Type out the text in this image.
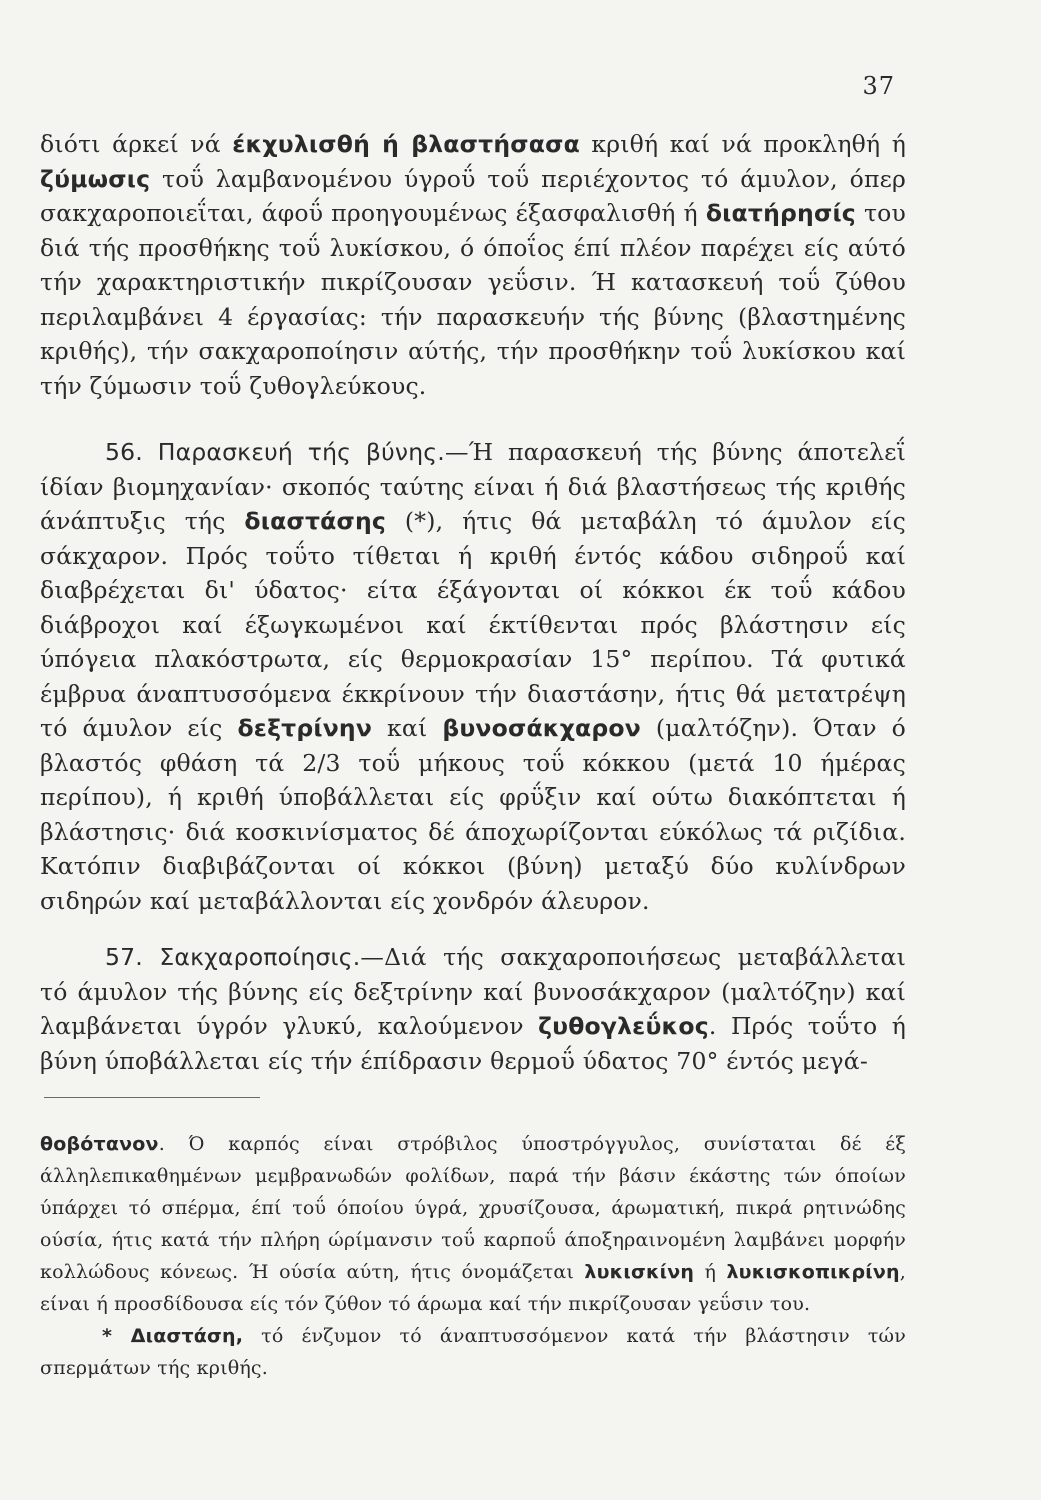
37

διότι άρκεί νά έκχυλισθή ή βλαστήσασα κριθή καί νά προκληθή ή ζύμωσις τοΰ λαμβανομένου ύγροΰ τοΰ περιέχοντος τό άμυλον, όπερ σακχαροποιεΐται, άφοΰ προηγουμένως έξασφαλισθή ή διατήρησίς του διά τής προσθήκης τοΰ λυκίσκου, ό όποΐος έπί πλέον παρέχει είς αύτό τήν χαρακτηριστικήν πικρίζουσαν γεΰσιν. Ή κατασκευή τοΰ ζύθου περιλαμβάνει 4 έργασίας: τήν παρασκευήν τής βύνης (βλαστημένης κριθής), τήν σακχαροποίησιν αύτής, τήν προσθήκην τοΰ λυκίσκου καί τήν ζύμωσιν τοΰ ζυθογλεύκους.

56. Παρασκευή τής βύνης.—Ή παρασκευή τής βύνης άποτελεΐ ίδίαν βιομηχανίαν· σκοπός ταύτης είναι ή διά βλαστήσεως τής κριθής άνάπτυξις τής διαστάσης (*), ήτις θά μεταβάλη τό άμυλον είς σάκχαρον. Πρός τοΰτο τίθεται ή κριθή έντός κάδου σιδηροΰ καί διαβρέχεται δι' ύδατος· είτα έξάγονται οί κόκκοι έκ τοΰ κάδου διάβροχοι καί έξωγκωμένοι καί έκτίθενται πρός βλάστησιν είς ύπόγεια πλακόστρωτα, είς θερμοκρασίαν 15° περίπου. Τά φυτικά έμβρυα άναπτυσσόμενα έκκρίνουν τήν διαστάσην, ήτις θά μετατρέψη τό άμυλον είς δεξτρίνην καί βυνοσάκχαρον (μαλτόζην). Όταν ό βλαστός φθάση τά 2/3 τοΰ μήκους τοΰ κόκκου (μετά 10 ήμέρας περίπου), ή κριθή ύποβάλλεται είς φρΰξιν καί ούτω διακόπτεται ή βλάστησις· διά κοσκινίσματος δέ άποχωρίζονται εύκόλως τά ριζίδια. Κατόπιν διαβιβάζονται οί κόκκοι (βύνη) μεταξύ δύο κυλίνδρων σιδηρών καί μεταβάλλονται είς χονδρόν άλευρον.

57. Σακχαροποίησις.—Διά τής σακχαροποιήσεως μεταβάλλεται τό άμυλον τής βύνης είς δεξτρίνην καί βυνοσάκχαρον (μαλτόζην) καί λαμβάνεται ύγρόν γλυκύ, καλούμενον ζυθογλεΰκος. Πρός τοΰτο ή βύνη ύποβάλλεται είς τήν έπίδρασιν θερμοΰ ύδατος 70° έντός μεγά-

θοβότανον. Ό καρπός είναι στρόβιλος ύποστρόγγυλος, συνίσταται δέ έξ άλληλεπικαθημένων μεμβρανωδών φολίδων, παρά τήν βάσιν έκάστης τών όποίων ύπάρχει τό σπέρμα, έπί τοΰ όποίου ύγρά, χρυσίζουσα, άρωματική, πικρά ρητινώδης ούσία, ήτις κατά τήν πλήρη ώρίμανσιν τοΰ καρποΰ άποξηραινομένη λαμβάνει μορφήν κολλώδους κόνεως. Ή ούσία αύτη, ήτις όνομάζεται λυκισκίνη ή λυκισκοπικρίνη, είναι ή προσδίδουσα είς τόν ζύθον τό άρωμα καί τήν πικρίζουσαν γεΰσιν του.

* Διαστάση, τό ένζυμον τό άναπτυσσόμενον κατά τήν βλάστησιν τών σπερμάτων τής κριθής.
